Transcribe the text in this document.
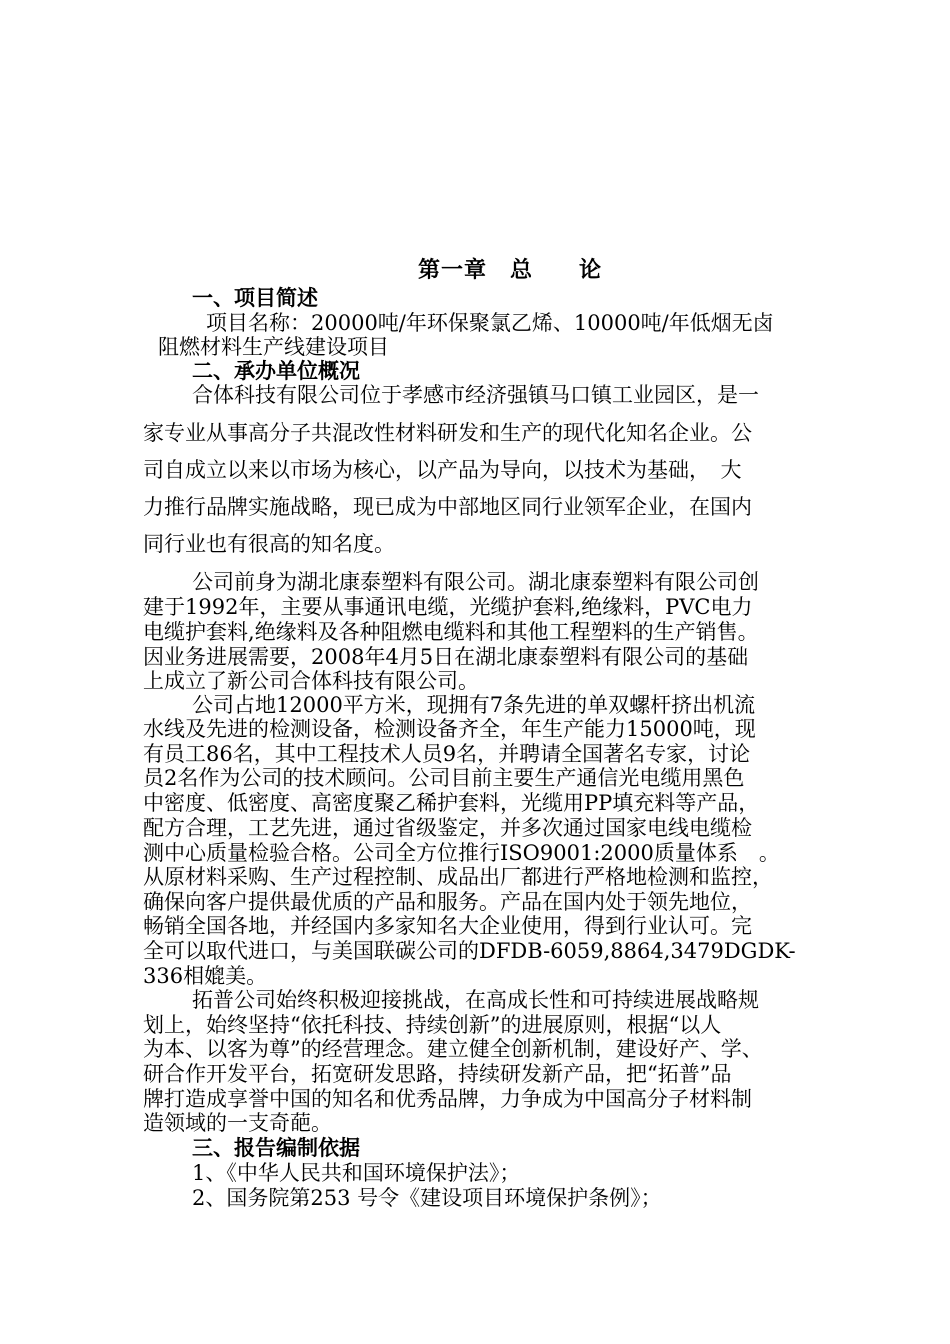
第一章　总　　论
一、项目简述
项目名称：20000吨/年环保聚氯乙烯、10000吨/年低烟无卤
阻燃材料生产线建设项目
二、承办单位概况
合体科技有限公司位于孝感市经济强镇马口镇工业园区，是一
家专业从事高分子共混改性材料研发和生产的现代化知名企业。公
司自成立以来以市场为核心，以产品为导向，以技术为基础，　大
力推行品牌实施战略，现已成为中部地区同行业领军企业，在国内
同行业也有很高的知名度。
公司前身为湖北康泰塑料有限公司。湖北康泰塑料有限公司创
建于1992年，主要从事通讯电缆，光缆护套料,绝缘料，PVC电力
电缆护套料,绝缘料及各种阻燃电缆料和其他工程塑料的生产销售。
因业务进展需要，2008年4月5日在湖北康泰塑料有限公司的基础
上成立了新公司合体科技有限公司。
公司占地12000平方米，现拥有7条先进的单双螺杆挤出机流
水线及先进的检测设备，检测设备齐全，年生产能力15000吨，现
有员工86名，其中工程技术人员9名，并聘请全国著名专家，讨论
员2名作为公司的技术顾问。公司目前主要生产通信光电缆用黑色
中密度、低密度、高密度聚乙稀护套料，光缆用PP填充料等产品，
配方合理，工艺先进，通过省级鉴定，并多次通过国家电线电缆检
测中心质量检验合格。公司全方位推行ISO9001:2000质量体系　。
从原材料采购、生产过程控制、成品出厂都进行严格地检测和监控，
确保向客户提供最优质的产品和服务。产品在国内处于领先地位，
畅销全国各地，并经国内多家知名大企业使用，得到行业认可。完
全可以取代进口，与美国联碳公司的DFDB-6059,8864,3479DGDK-
336相媲美。
拓普公司始终积极迎接挑战，在高成长性和可持续进展战略规
划上，始终坚持“依托科技、持续创新”的进展原则，根据“以人
为本、以客为尊”的经营理念。建立健全创新机制，建设好产、学、
研合作开发平台，拓宽研发思路，持续研发新产品，把“拓普”品
牌打造成享誉中国的知名和优秀品牌，力争成为中国高分子材料制
造领域的一支奇葩。
三、报告编制依据
1、《中华人民共和国环境保护法》；
2、国务院第253 号令《建设项目环境保护条例》；
